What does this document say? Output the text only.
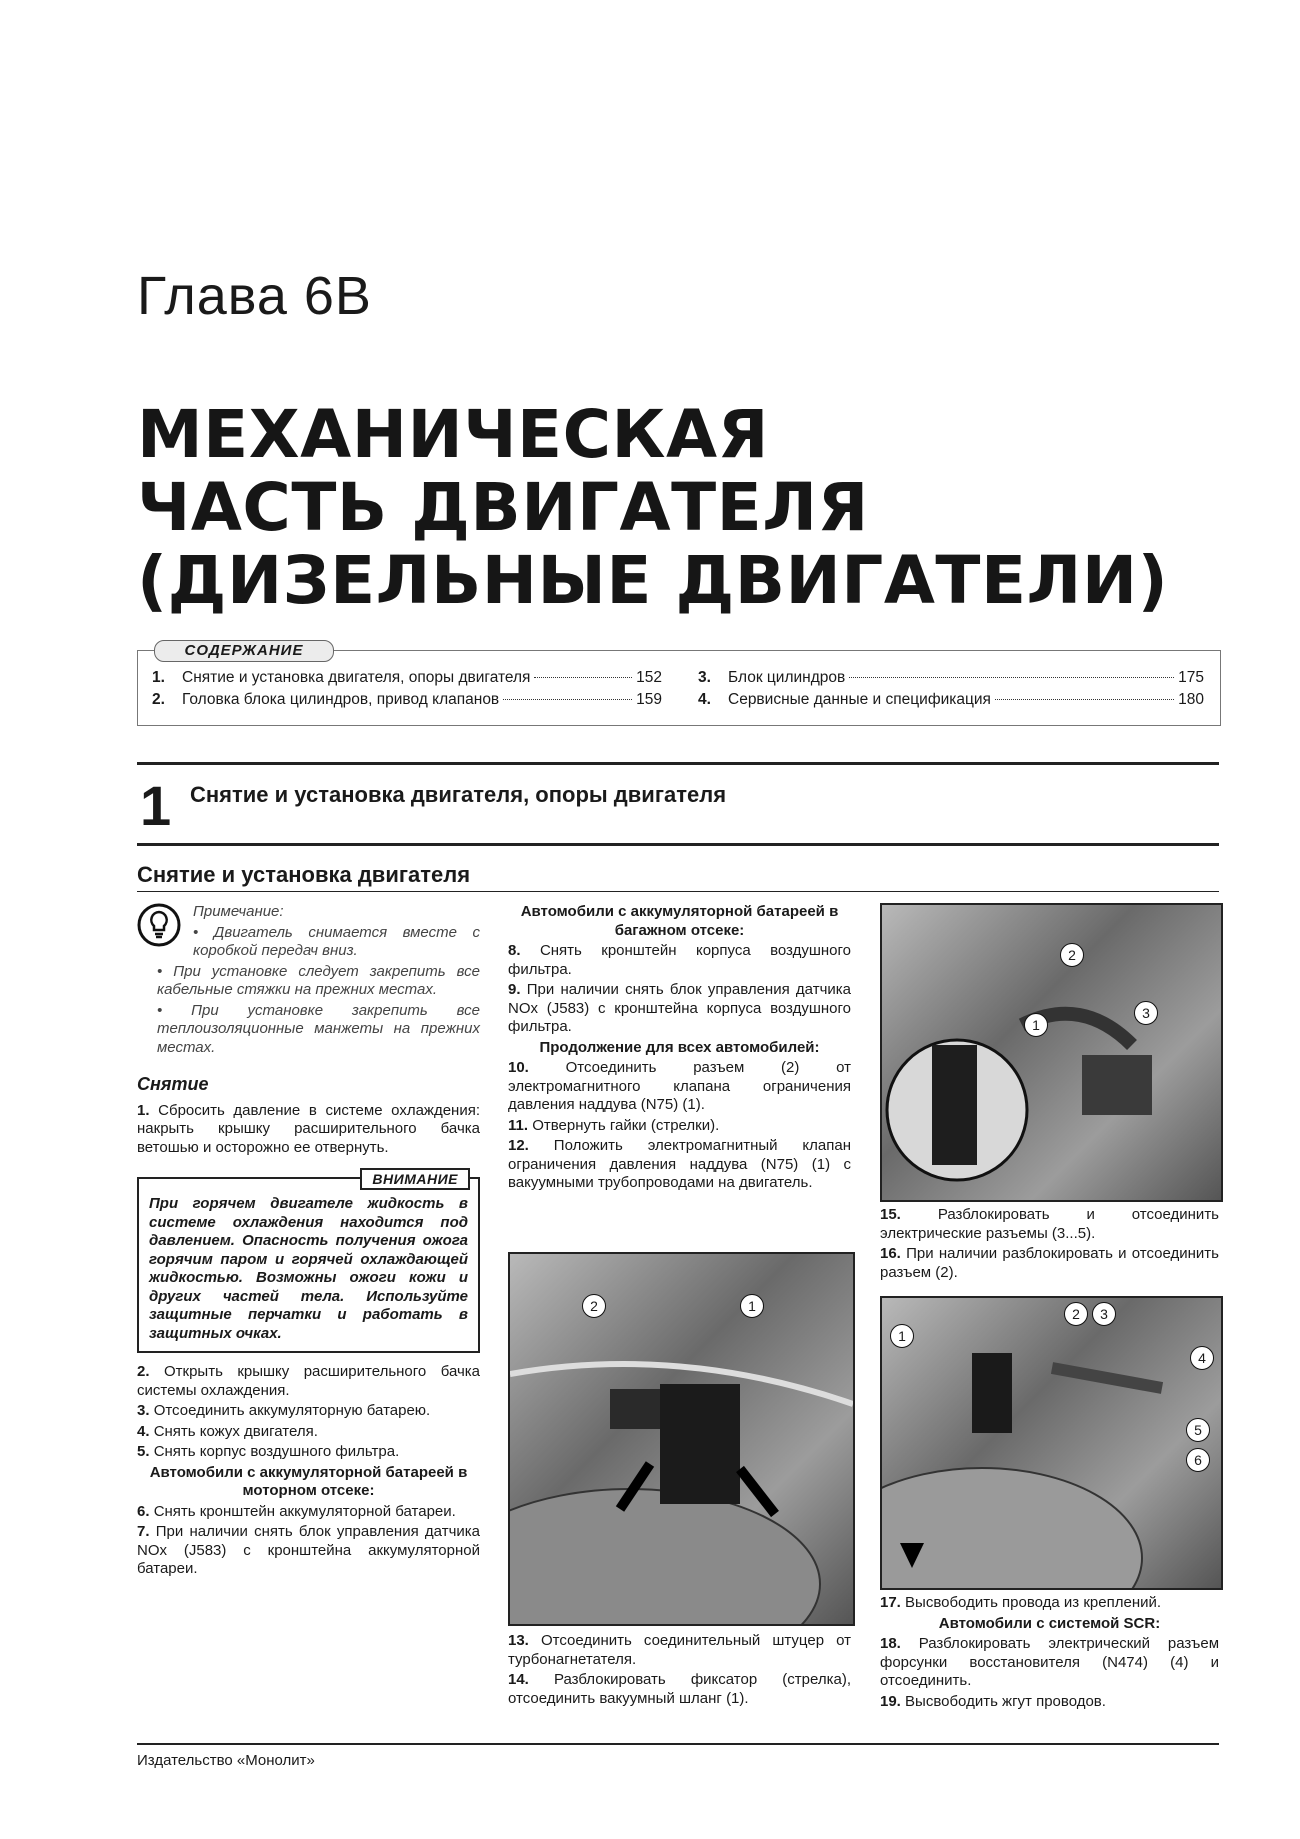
Глава 6B
МЕХАНИЧЕСКАЯ
ЧАСТЬ ДВИГАТЕЛЯ
(ДИЗЕЛЬНЫЕ ДВИГАТЕЛИ)
СОДЕРЖАНИЕ
1.	Снятие и установка двигателя, опоры двигателя	152
2.	Головка блока цилиндров, привод клапанов	159
3.	Блок цилиндров	175
4.	Сервисные данные и спецификация	180
1 Снятие и установка двигателя, опоры двигателя
Снятие и установка двигателя

Примечание:

• Двигатель снимается вместе с коробкой передач вниз.

• При установке следует закрепить все кабельные стяжки на прежних местах.

• При установке закрепить все теплоизоляционные манжеты на прежних местах.

Снятие

1. Сбросить давление в системе охлаждения: накрыть крышку расширительного бачка ветошью и осторожно ее отвернуть.

ВНИМАНИЕ
При горячем двигателе жидкость в системе охлаждения находится под давлением. Опасность получения ожога горячим паром и горячей охлаждающей жидкостью. Возможны ожоги кожи и других частей тела. Используйте защитные перчатки и работать в защитных очках.

2. Открыть крышку расширительного бачка системы охлаждения.

3. Отсоединить аккумуляторную батарею.

4. Снять кожух двигателя.

5. Снять корпус воздушного фильтра.

Автомобили с аккумуляторной батареей в моторном отсеке:

6. Снять кронштейн аккумуляторной батареи.

7. При наличии снять блок управления датчика NOx (J583) с кронштейна аккумуляторной батареи.

Автомобили с аккумуляторной батареей в багажном отсеке:

8. Снять кронштейн корпуса воздушного фильтра.

9. При наличии снять блок управления датчика NOx (J583) с кронштейна корпуса воздушного фильтра.

Продолжение для всех автомобилей:

10. Отсоединить разъем (2) от электромагнитного клапана ограничения давления наддува (N75) (1).

11. Отвернуть гайки (стрелки).

12. Положить электромагнитный клапан ограничения давления наддува (N75) (1) с вакуумными трубопроводами на двигатель.

2	1

13. Отсоединить соединительный штуцер от турбонагнетателя.

14. Разблокировать фиксатор (стрелка), отсоединить вакуумный шланг (1).

2
1
3

15. Разблокировать и отсоединить электрические разъемы (3...5).

16. При наличии разблокировать и отсоединить разъем (2).

1
2	3
4
5
6

17. Высвободить провода из креплений.

Автомобили с системой SCR:

18. Разблокировать электрический разъем форсунки восстановителя (N474) (4) и отсоединить.

19. Высвободить жгут проводов.

Издательство «Монолит»
